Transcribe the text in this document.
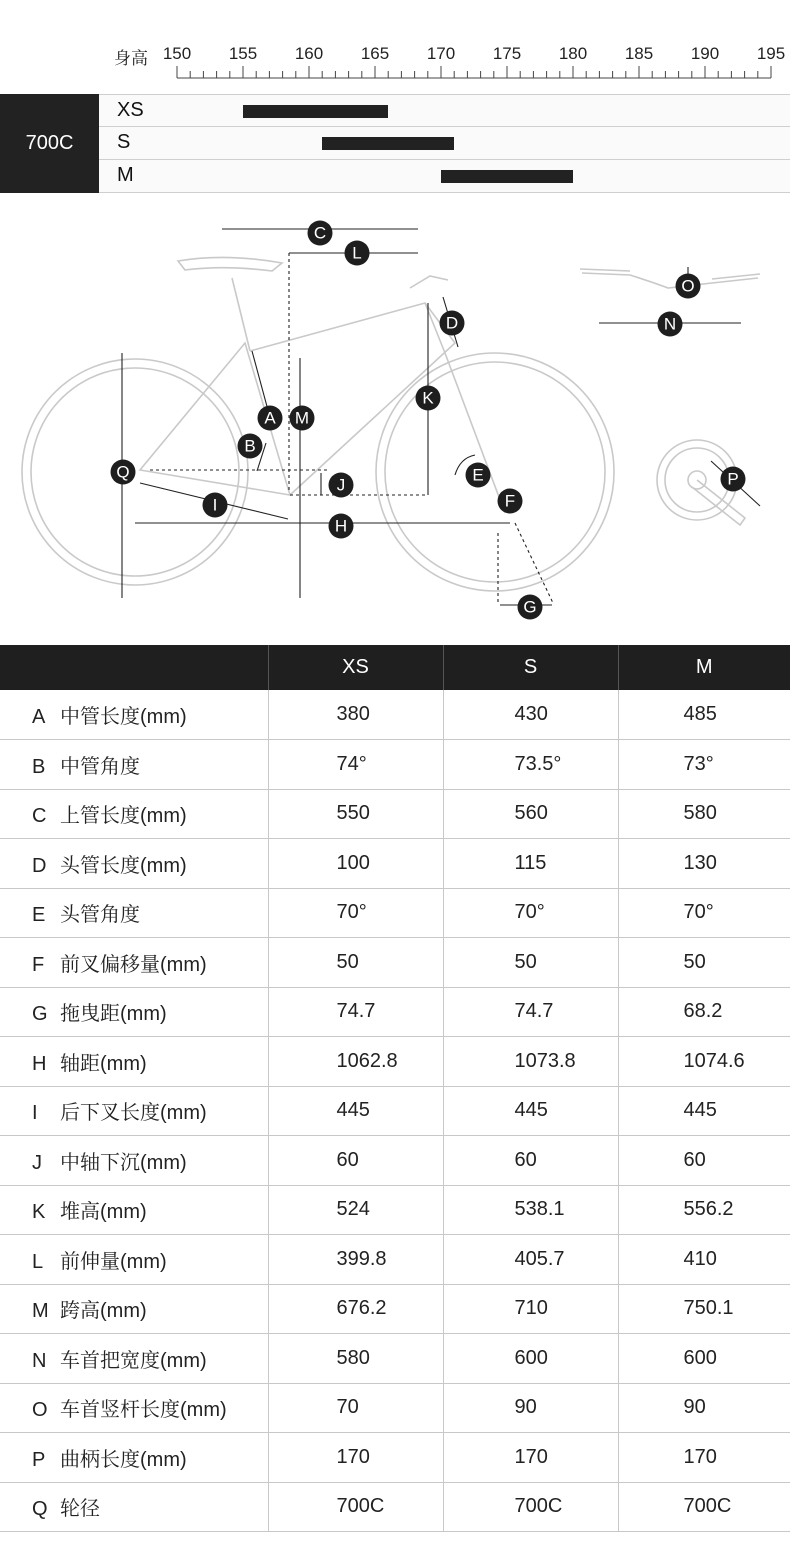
身高 150 155 160 165 170 175 180 185 190 195
700C
XS
S
M
A
B
C
D
E
F
G
H
I
J
K
L
M
N
O
P
Q
	XS	S	M
A 中管长度(mm)	380	430	485
B 中管角度	74°	73.5°	73°
C 上管长度(mm)	550	560	580
D 头管长度(mm)	100	115	130
E 头管角度	70°	70°	70°
F 前叉偏移量(mm)	50	50	50
G 拖曳距(mm)	74.7	74.7	68.2
H 轴距(mm)	1062.8	1073.8	1074.6
I 后下叉长度(mm)	445	445	445
J 中轴下沉(mm)	60	60	60
K 堆高(mm)	524	538.1	556.2
L 前伸量(mm)	399.8	405.7	410
M 跨高(mm)	676.2	710	750.1
N 车首把宽度(mm)	580	600	600
O 车首竖杆长度(mm)	70	90	90
P 曲柄长度(mm)	170	170	170
Q 轮径	700C	700C	700C
